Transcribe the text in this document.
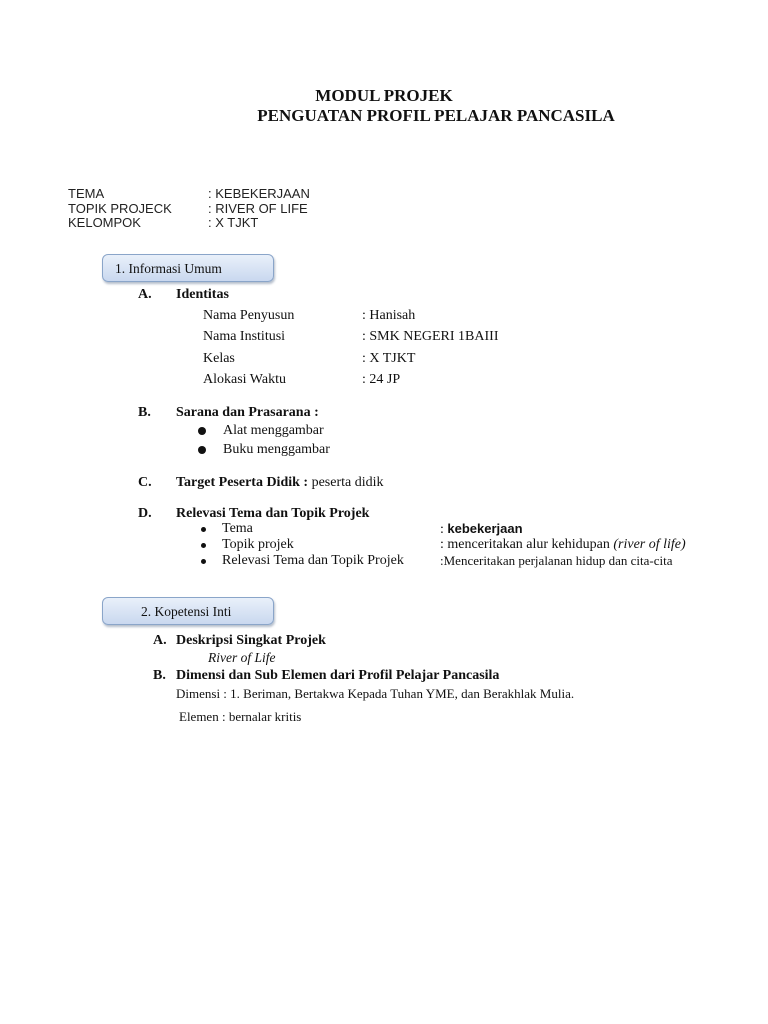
MODUL PROJEK
PENGUATAN PROFIL PELAJAR PANCASILA
TEMA	: KEBEKERJAAN
TOPIK PROJECK	: RIVER OF LIFE
KELOMPOK	: X TJKT
1. Informasi Umum
A. Identitas
Nama Penyusun	: Hanisah
Nama Institusi	: SMK NEGERI 1BAIII
Kelas	: X TJKT
Alokasi Waktu	: 24 JP
B. Sarana dan Prasarana :
Alat menggambar
Buku menggambar
C. Target Peserta Didik : peserta didik
D. Relevasi Tema dan Topik Projek
Tema	: kebekerjaan
Topik projek	: menceritakan alur kehidupan (river of life)
Relevasi Tema dan Topik Projek	:Menceritakan perjalanan hidup dan cita-cita
2. Kopetensi Inti
A. Deskripsi Singkat Projek
River of Life
B. Dimensi dan Sub Elemen dari Profil Pelajar Pancasila
Dimensi : 1. Beriman, Bertakwa Kepada Tuhan YME, dan Berakhlak Mulia.
Elemen : bernalar kritis
